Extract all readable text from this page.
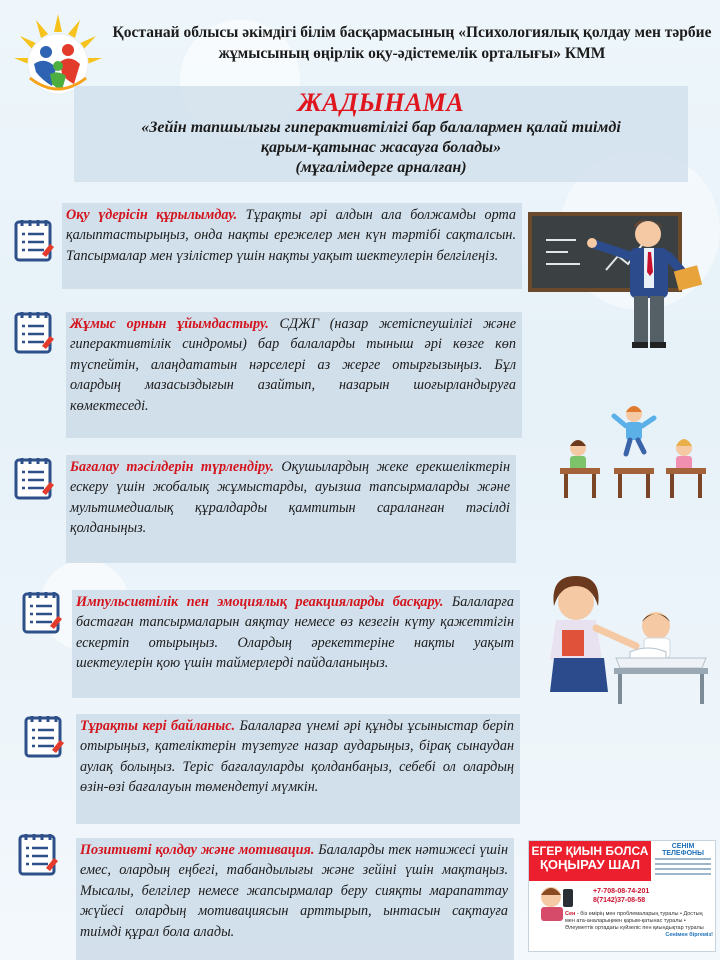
Қостанай облысы әкімдігі білім басқармасының «Психологиялық қолдау мен тәрбие жұмысының өңірлік оқу-әдістемелік орталығы» КММ
ЖАДЫНАМА
«Зейін тапшылығы гиперактивтілігі бар балалармен қалай тиімді
қарым-қатынас жасауға болады»
(мұғалімдерге арналған)
Оқу үдерісін құрылымдау. Тұрақты әрі алдын ала болжамды орта қалыптастырыңыз, онда нақты ережелер мен күн тәртібі сақталсын. Тапсырмалар мен үзілістер үшін нақты уақыт шектеулерін белгілеңіз.
Жұмыс орнын ұйымдастыру. СДЖГ (назар жетіспеушілігі және гиперактивтілік синдромы) бар балаларды тыныш әрі көзге көп түспейтін, алаңдататын нәрселері аз жерге отырғызыңыз. Бұл олардың мазасыздығын азайтып, назарын шоғырландыруға көмектеседі.
Бағалау тәсілдерін түрлендіру. Оқушылардың жеке ерекшеліктерін ескеру үшін жобалық жұмыстарды, ауызша тапсырмаларды және мультимедиалық құралдарды қамтитын сараланған тәсілді қолданыңыз.
Импульсивтілік пен эмоциялық реакцияларды басқару. Балаларға бастаған тапсырмаларын аяқтау немесе өз кезегін күту қажеттігін ескертіп отырыңыз. Олардың әрекеттеріне нақты уақыт шектеулерін қою үшін таймерлерді пайдаланыңыз.
Тұрақты кері байланыс. Балаларға үнемі әрі құнды ұсыныстар беріп отырыңыз, қателіктерін түзетуге назар аударыңыз, бірақ сынаудан аулақ болыңыз. Теріс бағалауларды қолданбаңыз, себебі ол олардың өзін-өзі бағалауын төмендетуі мүмкін.
Позитивті қолдау және мотивация. Балаларды тек нәтижесі үшін емес, олардың еңбегі, табандылығы және зейіні үшін мақтаңыз. Мысалы, белгілер немесе жапсырмалар беру сияқты марапаттау жүйесі олардың мотивациясын арттырып, ынтасын сақтауға тиімді құрал бола алады.
ЕГЕР ҚИЫН БОЛСА
ҚОҢЫРАУ ШАЛ
СЕНІМ ТЕЛЕФОНЫ
+7-708-08-74-201
8(7142)37-08-58
Сен - біз өмірің мен проблемаларың туралы • Достың мен ата-аналарыңмен қарым-қатынас туралы • Әлеуметтік ортадағы күйзеліс пен қиындықтар туралы
Сенімен біргеміз!
